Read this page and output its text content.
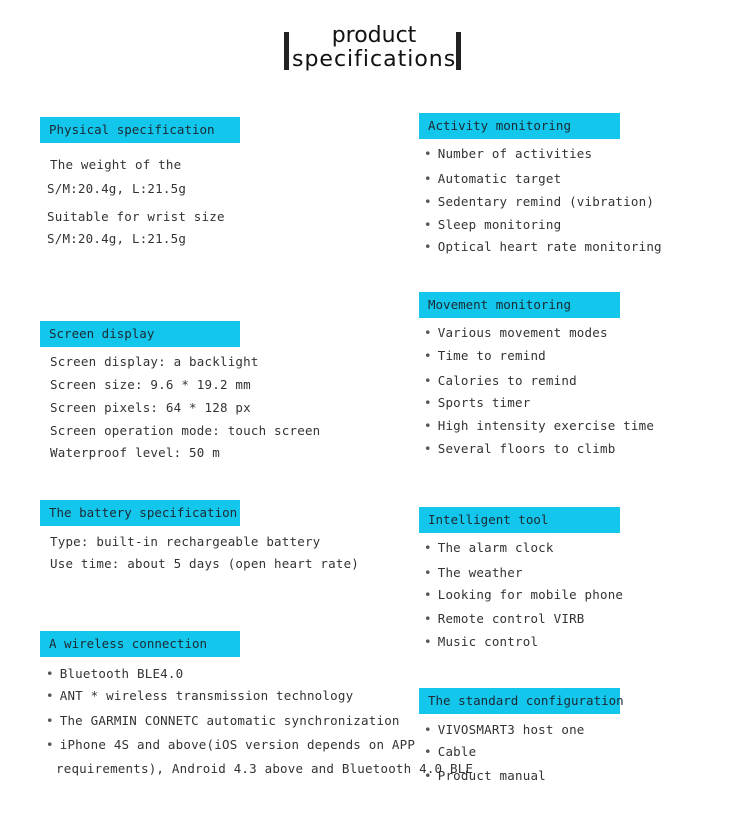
product
specifications
Physical specification
The weight of the
S/M:20.4g, L:21.5g
Suitable for wrist size
S/M:20.4g, L:21.5g
Screen display
Screen display: a backlight
Screen size: 9.6 * 19.2 mm
Screen pixels: 64 * 128 px
Screen operation mode: touch screen
Waterproof level: 50 m
The battery specification
Type: built-in rechargeable battery
Use time: about 5 days (open heart rate)
A wireless connection
• Bluetooth BLE4.0
• ANT * wireless transmission technology
• The GARMIN CONNETC automatic synchronization
• iPhone 4S and above(iOS version depends on APP
requirements), Android 4.3 above and Bluetooth 4.0 BLE
Activity monitoring
• Number of activities
• Automatic target
• Sedentary remind (vibration)
• Sleep monitoring
• Optical heart rate monitoring
Movement monitoring
• Various movement modes
• Time to remind
• Calories to remind
• Sports timer
• High intensity exercise time
• Several floors to climb
Intelligent tool
• The alarm clock
• The weather
• Looking for mobile phone
• Remote control VIRB
• Music control
The standard configuration
• VIVOSMART3 host one
• Cable
• Product manual
